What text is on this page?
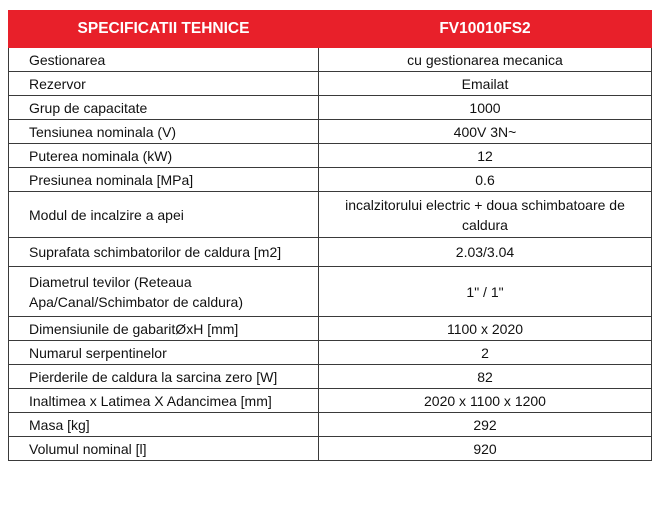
SPECIFICATII TEHNICE	FV10010FS2
Gestionarea	cu gestionarea mecanica
Rezervor	Emailat
Grup de capacitate	1000
Tensiunea nominala (V)	400V 3N~
Puterea nominala (kW)	12
Presiunea nominala [MPa]	0.6
Modul de incalzire a apei	incalzitorului electric + doua schimbatoare de caldura
Suprafata schimbatorilor de caldura [m2]	2.03/3.04
Diametrul tevilor (Reteaua Apa/Canal/Schimbator de caldura)	1" / 1"
Dimensiunile de gabaritØxH [mm]	1100 x 2020
Numarul serpentinelor	2
Pierderile de caldura la sarcina zero [W]	82
Inaltimea x Latimea X Adancimea [mm]	2020 x 1100 x 1200
Masa [kg]	292
Volumul nominal [l]	920
